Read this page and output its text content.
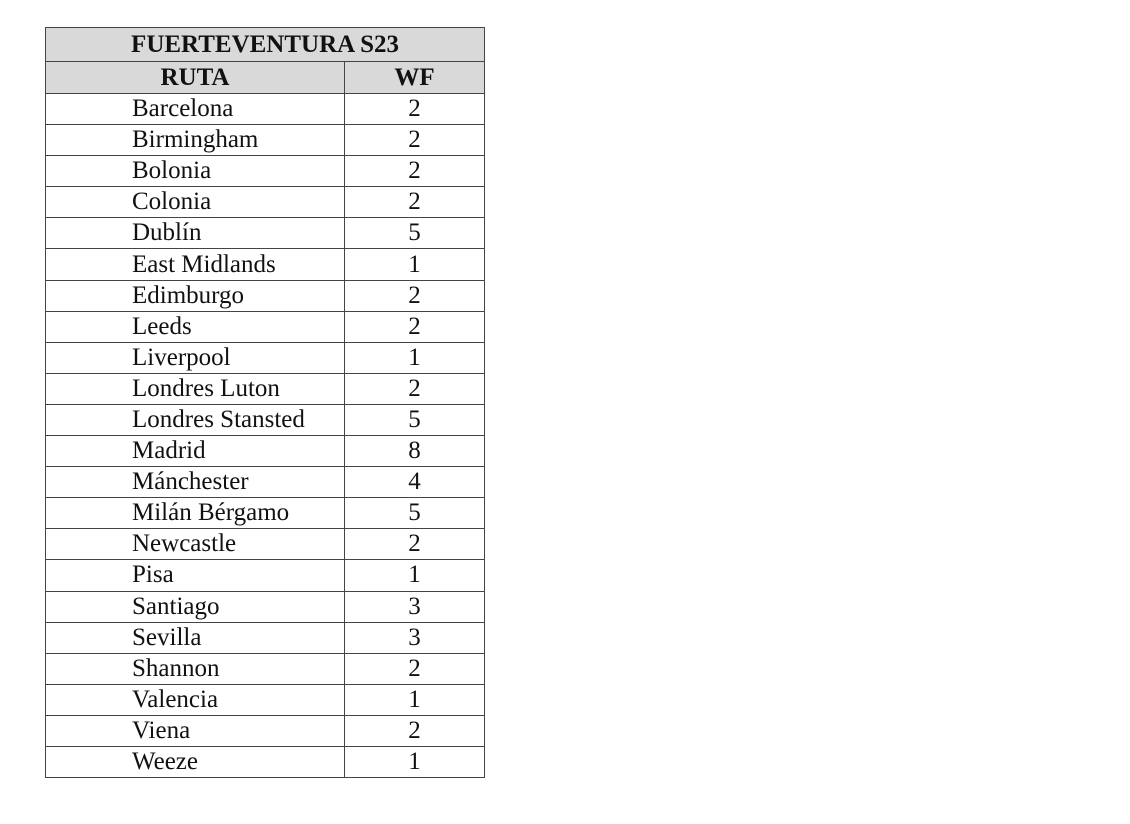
FUERTEVENTURA S23	
RUTA	WF
Barcelona	2
Birmingham	2
Bolonia	2
Colonia	2
Dublín	5
East Midlands	1
Edimburgo	2
Leeds	2
Liverpool	1
Londres Luton	2
Londres Stansted	5
Madrid	8
Mánchester	4
Milán Bérgamo	5
Newcastle	2
Pisa	1
Santiago	3
Sevilla	3
Shannon	2
Valencia	1
Viena	2
Weeze	1
